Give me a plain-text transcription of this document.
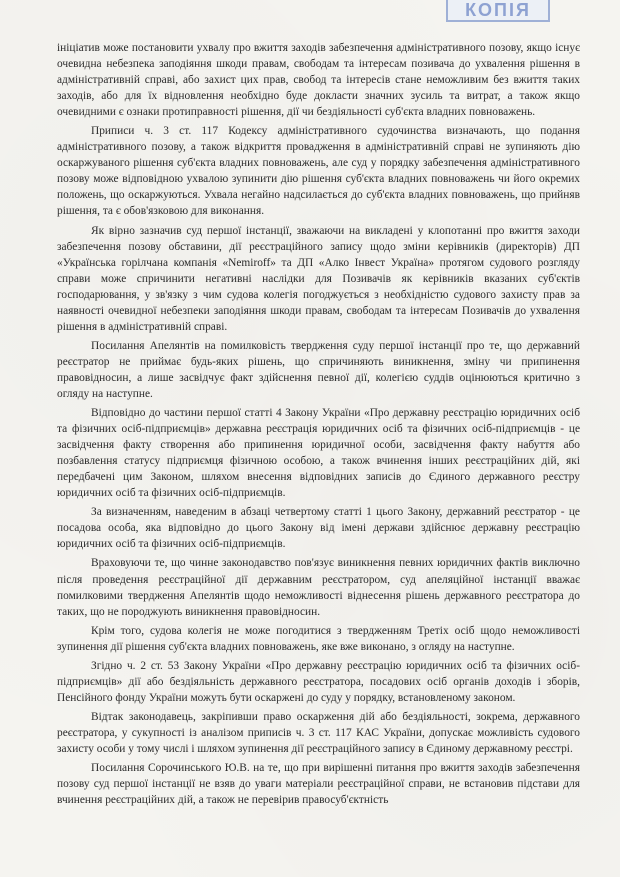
КОПІЯ

ініціатив може постановити ухвалу про вжиття заходів забезпечення адміністративного позову, якщо існує очевидна небезпека заподіяння шкоди правам, свободам та інтересам позивача до ухвалення рішення в адміністративній справі, або захист цих прав, свобод та інтересів стане неможливим без вжиття таких заходів, або для їх відновлення необхідно буде докласти значних зусиль та витрат, а також якщо очевидними є ознаки протиправності рішення, дії чи бездіяльності суб'єкта владних повноважень.

Приписи ч. 3 ст. 117 Кодексу адміністративного судочинства визначають, що подання адміністративного позову, а також відкриття провадження в адміністративній справі не зупиняють дію оскаржуваного рішення суб'єкта владних повноважень, але суд у порядку забезпечення адміністративного позову може відповідною ухвалою зупинити дію рішення суб'єкта владних повноважень чи його окремих положень, що оскаржуються. Ухвала негайно надсилається до суб'єкта владних повноважень, що прийняв рішення, та є обов'язковою для виконання.

Як вірно зазначив суд першої інстанції, зважаючи на викладені у клопотанні про вжиття заходи забезпечення позову обставини, дії реєстраційного запису щодо зміни керівників (директорів) ДП «Українська горілчана компанія «Nemiroff» та ДП «Алко Інвест Україна» протягом судового розгляду справи може спричинити негативні наслідки для Позивачів як керівників вказаних суб'єктів господарювання, у зв'язку з чим судова колегія погоджується з необхідністю судового захисту прав за наявності очевидної небезпеки заподіяння шкоди правам, свободам та інтересам Позивачів до ухвалення рішення в адміністративній справі.

Посилання Апелянтів на помилковість твердження суду першої інстанції про те, що державний реєстратор не приймає будь-яких рішень, що спричиняють виникнення, зміну чи припинення правовідносин, а лише засвідчує факт здійснення певної дії, колегією суддів оцінюються критично з огляду на наступне.

Відповідно до частини першої статті 4 Закону України «Про державну реєстрацію юридичних осіб та фізичних осіб-підприємців» державна реєстрація юридичних осіб та фізичних осіб-підприємців - це засвідчення факту створення або припинення юридичної особи, засвідчення факту набуття або позбавлення статусу підприємця фізичною особою, а також вчинення інших реєстраційних дій, які передбачені цим Законом, шляхом внесення відповідних записів до Єдиного державного реєстру юридичних осіб та фізичних осіб-підприємців.

За визначенням, наведеним в абзаці четвертому статті 1 цього Закону, державний реєстратор - це посадова особа, яка відповідно до цього Закону від імені держави здійснює державну реєстрацію юридичних осіб та фізичних осіб-підприємців.

Враховуючи те, що чинне законодавство пов'язує виникнення певних юридичних фактів виключно після проведення реєстраційної дії державним реєстратором, суд апеляційної інстанції вважає помилковими твердження Апелянтів щодо неможливості віднесення рішень державного реєстратора до таких, що не породжують виникнення правовідносин.

Крім того, судова колегія не може погодитися з твердженням Третіх осіб щодо неможливості зупинення дії рішення суб'єкта владних повноважень, яке вже виконано, з огляду на наступне.

Згідно ч. 2 ст. 53 Закону України «Про державну реєстрацію юридичних осіб та фізичних осіб-підприємців» дії або бездіяльність державного реєстратора, посадових осіб органів доходів і зборів, Пенсійного фонду України можуть бути оскаржені до суду у порядку, встановленому законом.

Відтак законодавець, закріпивши право оскарження дій або бездіяльності, зокрема, державного реєстратора, у сукупності із аналізом приписів ч. 3 ст. 117 КАС України, допускає можливість судового захисту особи у тому числі і шляхом зупинення дії реєстраційного запису в Єдиному державному реєстрі.

Посилання Сорочинського Ю.В. на те, що при вирішенні питання про вжиття заходів забезпечення позову суд першої інстанції не взяв до уваги матеріали реєстраційної справи, не встановив підстави для вчинення реєстраційних дій, а також не перевірив правосуб'єктність
